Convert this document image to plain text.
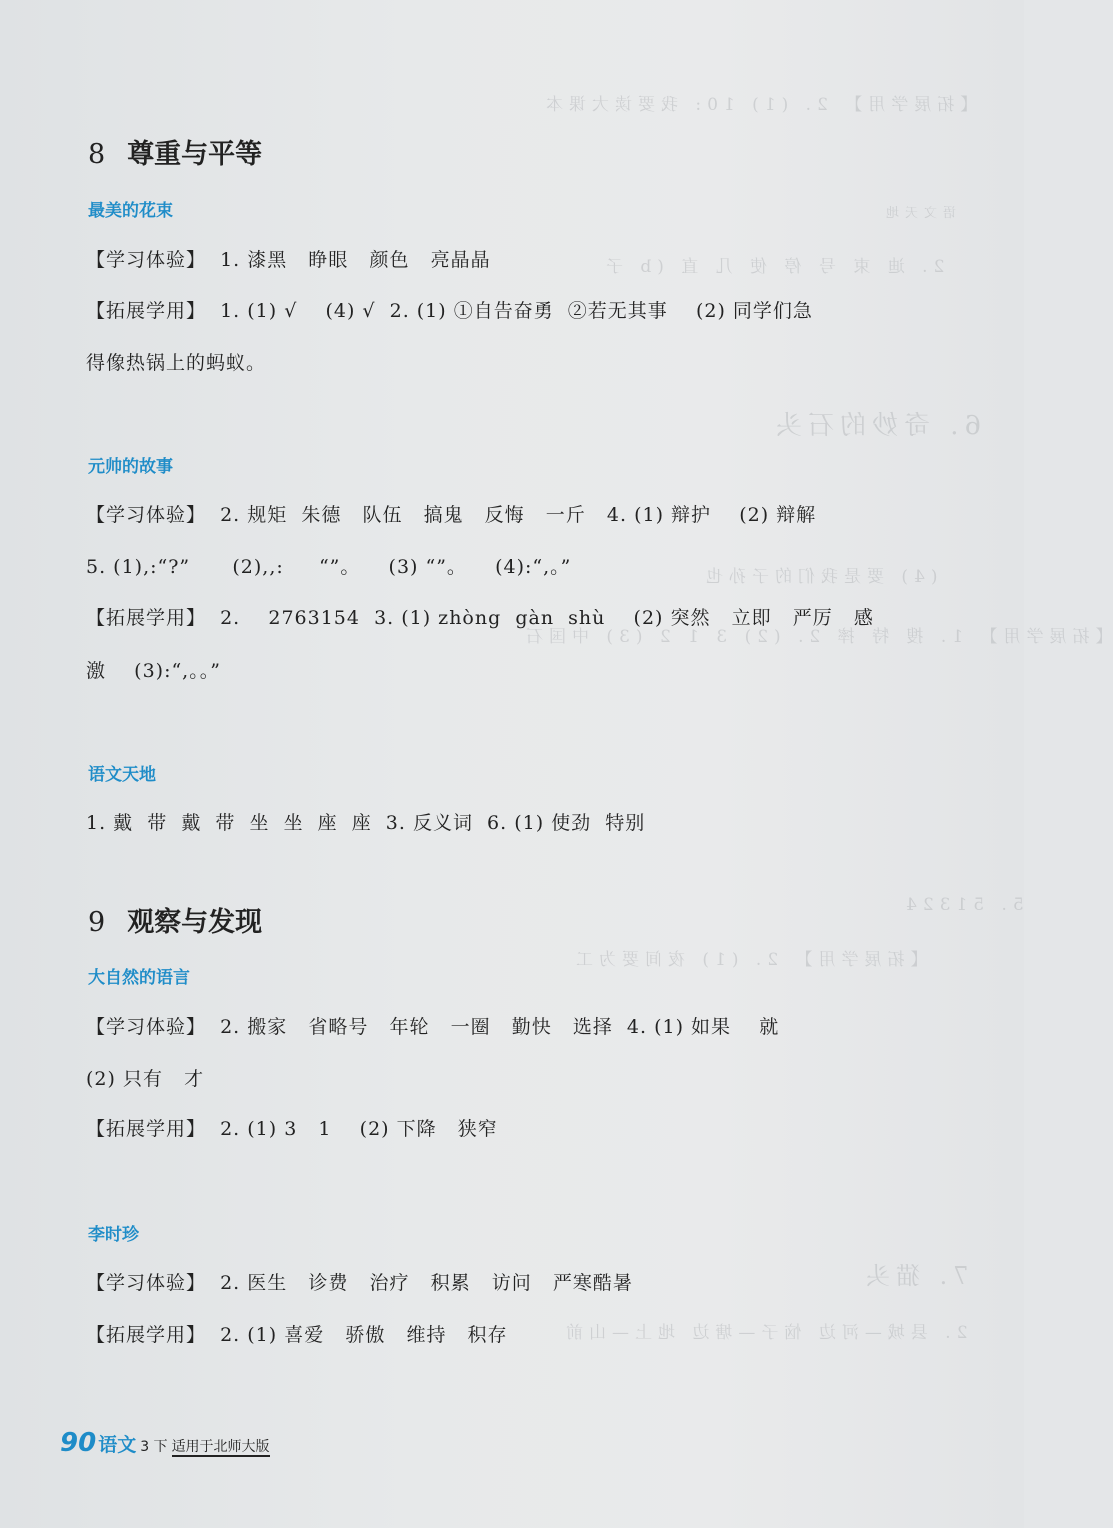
【拓展学用】 2. (1) 10: 我要读大课本
语文天地
2. 迪 束 号 停 使 几 直 (b 子
6. 奇妙的石头
(4) 要是我们的子孙也
【拓展学用】 1. 搜 特 摔 2. (2) 3 1 2 (3) 中国石
5. 51324
【拓展学用】 2. (1) 夜间要为工
7. 猫头
2. 县城—河边 恼子—塘边 地上—山前
8 尊重与平等
最美的花束
【学习体验】  1. 漆黑   睁眼   颜色   亮晶晶
【拓展学用】  1. (1) √    (4) √  2. (1) ①自告奋勇  ②若无其事    (2) 同学们急
得像热锅上的蚂蚁。
元帅的故事
【学习体验】  2. 规矩  朱德   队伍   搞鬼   反悔   一斤   4. (1) 辩护    (2) 辩解
5. (1),:“?”      (2),,:     “”。    (3) “”。    (4):“,。”
【拓展学用】  2.    2763154  3. (1) zhòng  gàn  shù    (2) 突然   立即   严厉   感
激    (3):“,。。”
语文天地
1. 戴  带  戴  带  坐  坐  座  座  3. 反义词  6. (1) 使劲  特别
9 观察与发现
大自然的语言
【学习体验】  2. 搬家   省略号   年轮   一圈   勤快   选择  4. (1) 如果    就
(2) 只有   才
【拓展学用】  2. (1) 3   1    (2) 下降   狭窄
李时珍
【学习体验】  2. 医生   诊费   治疗   积累   访问   严寒酷暑
【拓展学用】  2. (1) 喜爱   骄傲   维持   积存
90 语文 3 下 适用于北师大版
